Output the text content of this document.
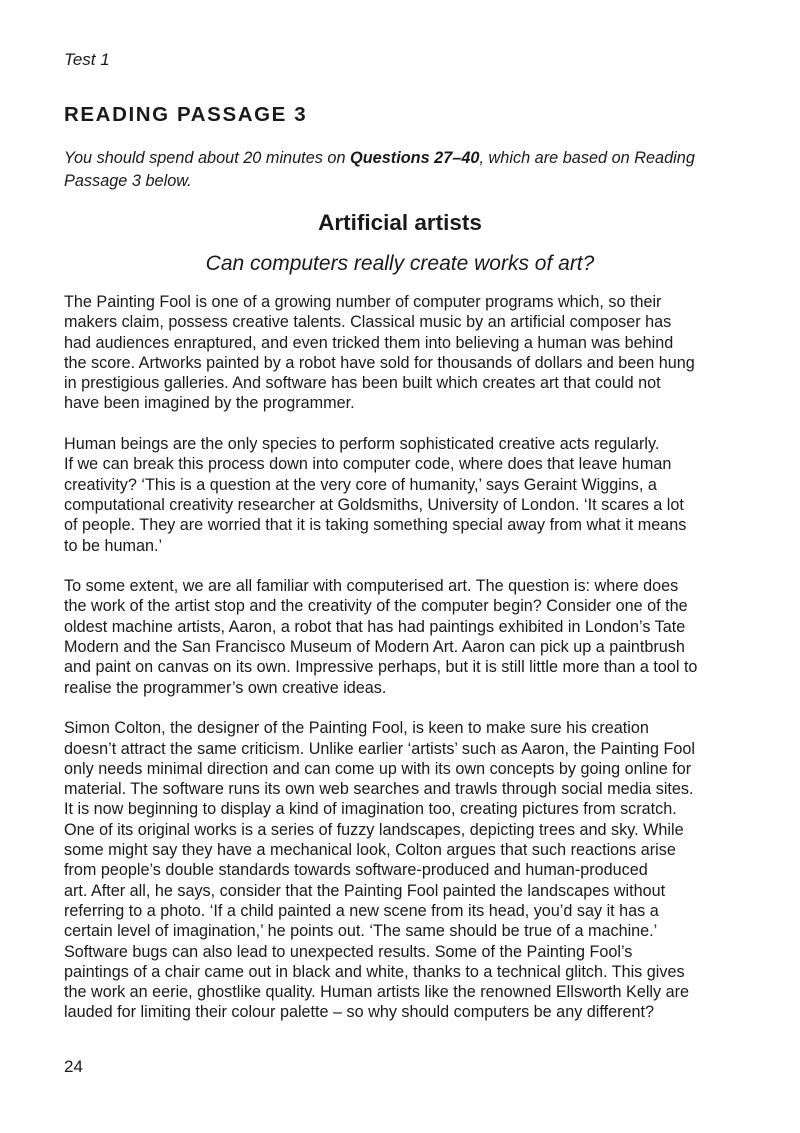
Test 1
READING PASSAGE 3
You should spend about 20 minutes on Questions 27–40, which are based on Reading
Passage 3 below.
Artificial artists
Can computers really create works of art?

The Painting Fool is one of a growing number of computer programs which, so their
makers claim, possess creative talents. Classical music by an artificial composer has
had audiences enraptured, and even tricked them into believing a human was behind
the score. Artworks painted by a robot have sold for thousands of dollars and been hung
in prestigious galleries. And software has been built which creates art that could not
have been imagined by the programmer.

Human beings are the only species to perform sophisticated creative acts regularly.
If we can break this process down into computer code, where does that leave human
creativity? ‘This is a question at the very core of humanity,’ says Geraint Wiggins, a
computational creativity researcher at Goldsmiths, University of London. ‘It scares a lot
of people. They are worried that it is taking something special away from what it means
to be human.’

To some extent, we are all familiar with computerised art. The question is: where does
the work of the artist stop and the creativity of the computer begin? Consider one of the
oldest machine artists, Aaron, a robot that has had paintings exhibited in London’s Tate
Modern and the San Francisco Museum of Modern Art. Aaron can pick up a paintbrush
and paint on canvas on its own. Impressive perhaps, but it is still little more than a tool to
realise the programmer’s own creative ideas.

Simon Colton, the designer of the Painting Fool, is keen to make sure his creation
doesn’t attract the same criticism. Unlike earlier ‘artists’ such as Aaron, the Painting Fool
only needs minimal direction and can come up with its own concepts by going online for
material. The software runs its own web searches and trawls through social media sites.
It is now beginning to display a kind of imagination too, creating pictures from scratch.
One of its original works is a series of fuzzy landscapes, depicting trees and sky. While
some might say they have a mechanical look, Colton argues that such reactions arise
from people’s double standards towards software-produced and human-produced
art. After all, he says, consider that the Painting Fool painted the landscapes without
referring to a photo. ‘If a child painted a new scene from its head, you’d say it has a
certain level of imagination,’ he points out. ‘The same should be true of a machine.’
Software bugs can also lead to unexpected results. Some of the Painting Fool’s
paintings of a chair came out in black and white, thanks to a technical glitch. This gives
the work an eerie, ghostlike quality. Human artists like the renowned Ellsworth Kelly are
lauded for limiting their colour palette – so why should computers be any different?

24
